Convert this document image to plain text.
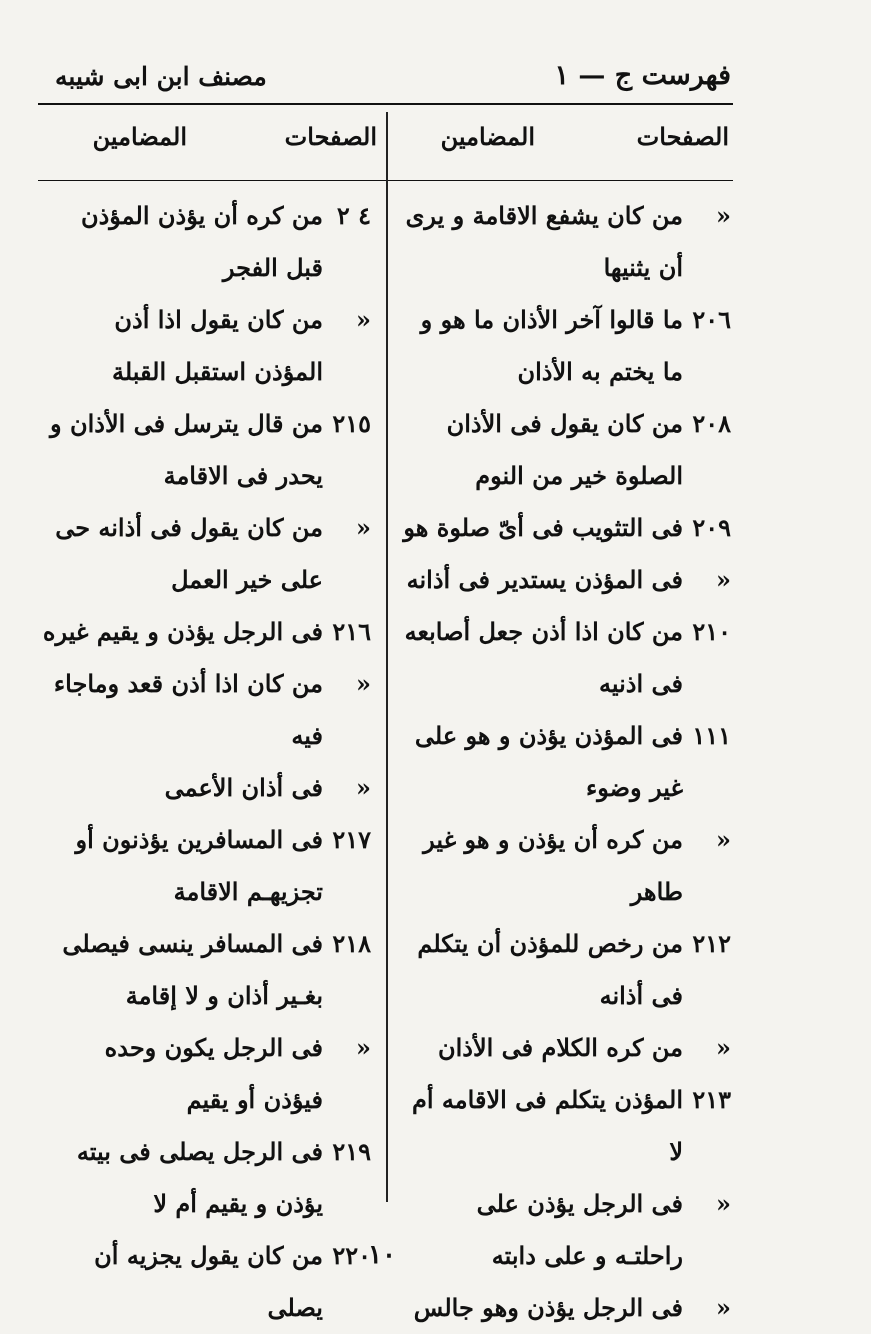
فهرست ج — ١
مصنف ابن ابى شيبه
الصفحات
المضامين
الصفحات
المضامين
«
من كان يشفع الاقامة و يرى أن يثنيها
٢٠٦
ما قالوا آخر الأذان ما هو و ما يختم به الأذان
٢٠٨
من كان يقول فى الأذان الصلوة خير من النوم
٢٠٩
فى التثويب فى أىّ صلوة هو
«
فى المؤذن يستدير فى أذانه
٢١٠
من كان اذا أذن جعل أصابعه فى اذنيه
١١١
فى المؤذن يؤذن و هو على غير وضوء
«
من كره أن يؤذن و هو غير طاهر
٢١٢
من رخص للمؤذن أن يتكلم فى أذانه
«
من كره الكلام فى الأذان
٢١٣
المؤذن يتكلم فى الاقامه أم لا
«
فى الرجل يؤذن على راحلتـه و على دابته
«
فى الرجل يؤذن وهو جالس
٤ ٢
من كره أن يؤذن المؤذن قبل الفجر
«
من كان يقول اذا أذن المؤذن استقبل القبلة
٢١٥
من قال يترسل فى الأذان و يحدر فى الاقامة
«
من كان يقول فى أذانه حى على خير العمل
٢١٦
فى الرجل يؤذن و يقيم غيره
«
من كان اذا أذن قعد وماجاء فيه
«
فى أذان الأعمى
٢١٧
فى المسافرين يؤذنون أو تجزيهـم الاقامة
٢١٨
فى المسافر ينسى فيصلى بغـير أذان و لا إقامة
«
فى الرجل يكون وحده فيؤذن أو يقيم
٢١٩
فى الرجل يصلى فى بيته يؤذن و يقيم أم لا
٢٢٠
من كان يقول يجزيه أن يصلى
١٠
